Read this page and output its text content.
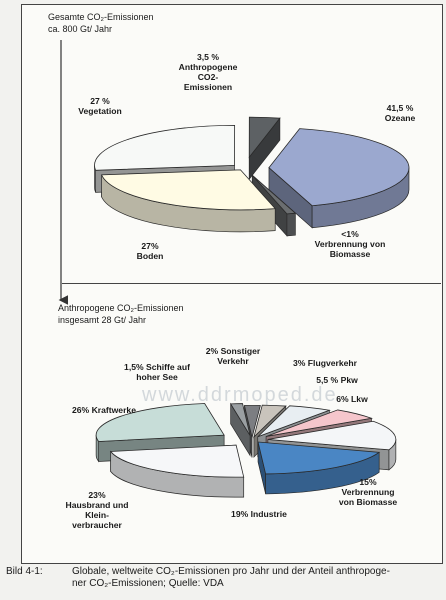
Gesamte CO₂-Emissionen
ca. 800 Gt/ Jahr
Anthropogene CO₂-Emissionen
insgesamt 28 Gt/ Jahr
3,5 %
Anthropogene
CO2-
Emissionen
27 %
Vegetation	41,5 %
Ozeane
27%
Boden
<1%
Verbrennung von
Biomasse
1,5% Schiffe auf
hoher See
2% Sonstiger
Verkehr	3% Flugverkehr
5,5 % Pkw
6% Lkw
26% Kraftwerke
23%
Hausbrand und
Klein-
verbraucher
19% Industrie
15%
Verbrennung
von Biomasse
www.ddrmoped.de
Bild 4-1:	Globale, weltweite CO₂-Emissionen pro Jahr und der Anteil anthropoge-
ner CO₂-Emissionen; Quelle: VDA
